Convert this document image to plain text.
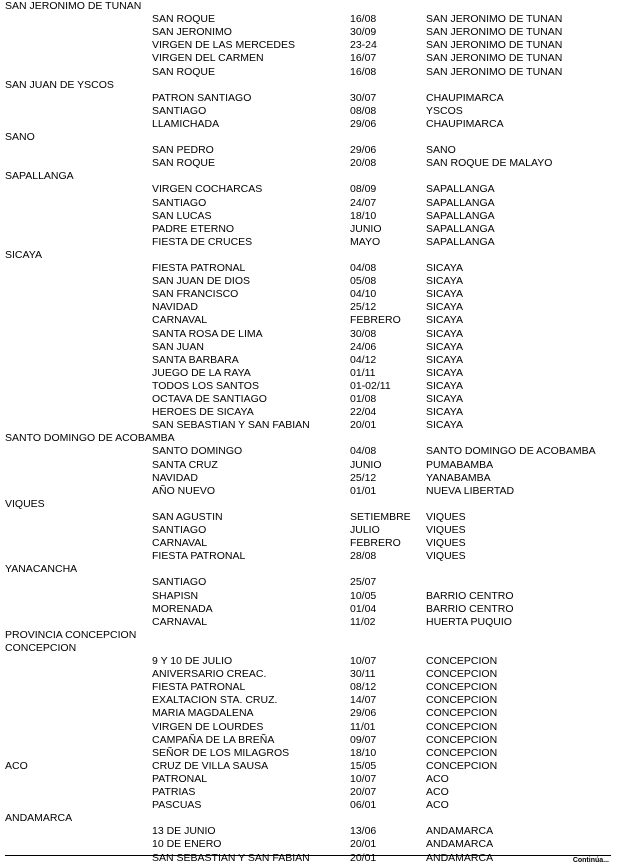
SAN JERONIMO DE TUNAN
SAN ROQUE	16/08	SAN JERONIMO DE TUNAN
SAN JERONIMO	30/09	SAN JERONIMO DE TUNAN
VIRGEN DE LAS MERCEDES	23-24	SAN JERONIMO DE TUNAN
VIRGEN DEL CARMEN	16/07	SAN JERONIMO DE TUNAN
SAN ROQUE	16/08	SAN JERONIMO DE TUNAN
SAN JUAN DE YSCOS
PATRON SANTIAGO	30/07	CHAUPIMARCA
SANTIAGO	08/08	YSCOS
LLAMICHADA	29/06	CHAUPIMARCA
SANO
SAN PEDRO	29/06	SANO
SAN ROQUE	20/08	SAN ROQUE DE MALAYO
SAPALLANGA
VIRGEN COCHARCAS	08/09	SAPALLANGA
SANTIAGO	24/07	SAPALLANGA
SAN LUCAS	18/10	SAPALLANGA
PADRE ETERNO	JUNIO	SAPALLANGA
FIESTA DE CRUCES	MAYO	SAPALLANGA
SICAYA
FIESTA PATRONAL	04/08	SICAYA
SAN JUAN DE DIOS	05/08	SICAYA
SAN FRANCISCO	04/10	SICAYA
NAVIDAD	25/12	SICAYA
CARNAVAL	FEBRERO SICAYA
SANTA ROSA DE LIMA	30/08	SICAYA
SAN JUAN	24/06	SICAYA
SANTA BARBARA	04/12	SICAYA
JUEGO DE LA RAYA	01/11	SICAYA
TODOS LOS SANTOS	01-02/11	SICAYA
OCTAVA DE SANTIAGO	01/08	SICAYA
HEROES DE SICAYA	22/04	SICAYA
SAN SEBASTIAN Y SAN FABIAN	20/01	SICAYA
SANTO DOMINGO DE ACOBAMBA
SANTO DOMINGO	04/08	SANTO DOMINGO DE ACOBAMBA
SANTA CRUZ	JUNIO	PUMABAMBA
NAVIDAD	25/12	YANABAMBA
AÑO NUEVO	01/01	NUEVA LIBERTAD
VIQUES
SAN AGUSTIN	SETIEMBRE VIQUES
SANTIAGO	JULIO	VIQUES
CARNAVAL	FEBRERO VIQUES
FIESTA PATRONAL	28/08	VIQUES
YANACANCHA
SANTIAGO	25/07
SHAPISN	10/05	BARRIO CENTRO
MORENADA	01/04	BARRIO CENTRO
CARNAVAL	11/02	HUERTA PUQUIO
PROVINCIA CONCEPCION
CONCEPCION
9 Y 10 DE JULIO	10/07	CONCEPCION
ANIVERSARIO CREAC.	30/11	CONCEPCION
FIESTA PATRONAL	08/12	CONCEPCION
EXALTACION STA. CRUZ.	14/07	CONCEPCION
MARIA MAGDALENA	29/06	CONCEPCION
VIRGEN DE LOURDES	11/01	CONCEPCION
CAMPAÑA DE LA BREÑA	09/07	CONCEPCION
SEÑOR DE LOS MILAGROS	18/10	CONCEPCION
ACO	CRUZ DE VILLA SAUSA	15/05	CONCEPCION
PATRONAL	10/07	ACO
PATRIAS	20/07	ACO
PASCUAS	06/01	ACO
ANDAMARCA
13 DE JUNIO	13/06	ANDAMARCA
10 DE ENERO	20/01	ANDAMARCA
SAN SEBASTIAN Y SAN FABIAN	20/01	ANDAMARCA	Continúa...
